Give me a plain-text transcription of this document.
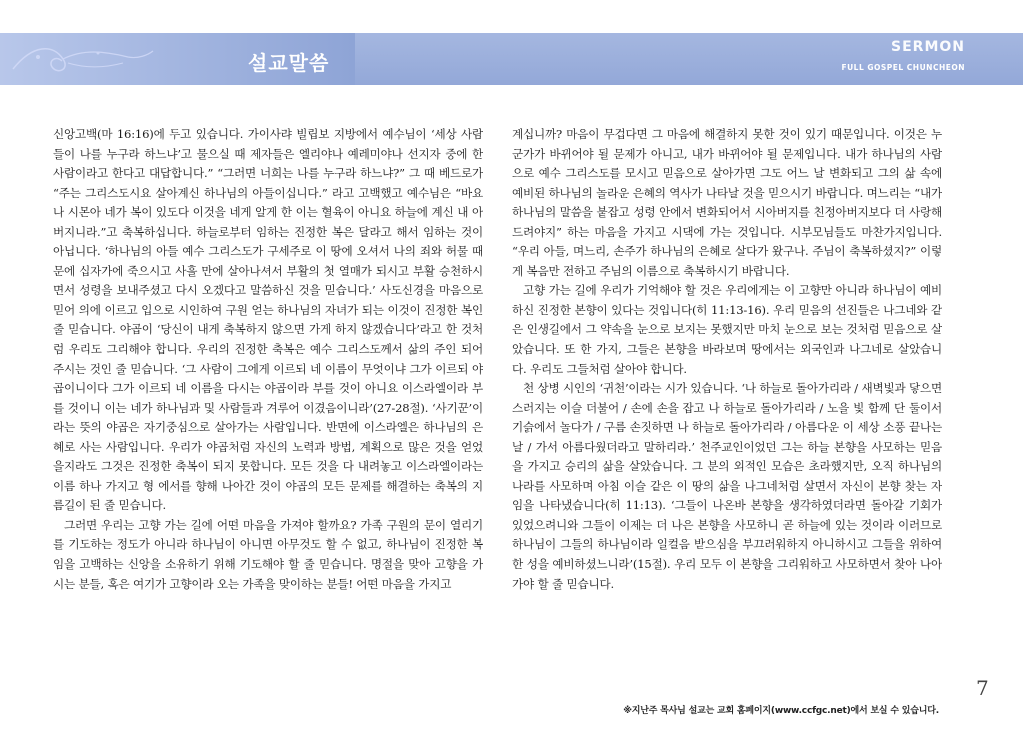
설교말씀
SERMON
FULL GOSPEL CHUNCHEON

신앙고백(마 16:16)에 두고 있습니다. 가이사랴 빌립보 지방에서 예수님이 ‘세상 사람들이 나를 누구라 하느냐’고 물으실 때 제자들은 엘리야나 예레미야나 선지자 중에 한 사람이라고 한다고 대답합니다.” “그러면 너희는 나를 누구라 하느냐?” 그 때 베드로가 “주는 그리스도시요 살아계신 하나님의 아들이십니다.” 라고 고백했고 예수님은 “바요나 시몬아 네가 복이 있도다 이것을 네게 알게 한 이는 혈육이 아니요 하늘에 계신 내 아버지니라.”고 축복하십니다. 하늘로부터 임하는 진정한 복은 달라고 해서 임하는 것이 아닙니다. ‘하나님의 아들 예수 그리스도가 구세주로 이 땅에 오셔서 나의 죄와 허물 때문에 십자가에 죽으시고 사흘 만에 살아나셔서 부활의 첫 열매가 되시고 부활 승천하시면서 성령을 보내주셨고 다시 오겠다고 말씀하신 것을 믿습니다.’ 사도신경을 마음으로 믿어 의에 이르고 입으로 시인하여 구원 얻는 하나님의 자녀가 되는 이것이 진정한 복인 줄 믿습니다. 야곱이 ‘당신이 내게 축복하지 않으면 가게 하지 않겠습니다’라고 한 것처럼 우리도 그리해야 합니다. 우리의 진정한 축복은 예수 그리스도께서 삶의 주인 되어 주시는 것인 줄 믿습니다. ‘그 사람이 그에게 이르되 네 이름이 무엇이냐 그가 이르되 야곱이니이다 그가 이르되 네 이름을 다시는 야곱이라 부를 것이 아니요 이스라엘이라 부를 것이니 이는 네가 하나님과 및 사람들과 겨루어 이겼음이니라’(27-28절). ‘사기꾼’이라는 뜻의 야곱은 자기중심으로 살아가는 사람입니다. 반면에 이스라엘은 하나님의 은혜로 사는 사람입니다. 우리가 야곱처럼 자신의 노력과 방법, 계획으로 많은 것을 얻었을지라도 그것은 진정한 축복이 되지 못합니다. 모든 것을 다 내려놓고 이스라엘이라는 이름 하나 가지고 형 에서를 향해 나아간 것이 야곱의 모든 문제를 해결하는 축복의 지름길이 된 줄 믿습니다.

그러면 우리는 고향 가는 길에 어떤 마음을 가져야 할까요? 가족 구원의 문이 열리기를 기도하는 정도가 아니라 하나님이 아니면 아무것도 할 수 없고, 하나님이 진정한 복임을 고백하는 신앙을 소유하기 위해 기도해야 할 줄 믿습니다. 명절을 맞아 고향을 가시는 분들, 혹은 여기가 고향이라 오는 가족을 맞이하는 분들! 어떤 마음을 가지고

계십니까? 마음이 무겁다면 그 마음에 해결하지 못한 것이 있기 때문입니다. 이것은 누군가가 바뀌어야 될 문제가 아니고, 내가 바뀌어야 될 문제입니다. 내가 하나님의 사람으로 예수 그리스도를 모시고 믿음으로 살아가면 그도 어느 날 변화되고 그의 삶 속에 예비된 하나님의 놀라운 은혜의 역사가 나타날 것을 믿으시기 바랍니다. 며느리는 “내가 하나님의 말씀을 붙잡고 성령 안에서 변화되어서 시아버지를 친정아버지보다 더 사랑해드려야지” 하는 마음을 가지고 시댁에 가는 것입니다. 시부모님들도 마찬가지입니다. “우리 아들, 며느리, 손주가 하나님의 은혜로 살다가 왔구나. 주님이 축복하셨지?” 이렇게 복음만 전하고 주님의 이름으로 축복하시기 바랍니다.

고향 가는 길에 우리가 기억해야 할 것은 우리에게는 이 고향만 아니라 하나님이 예비하신 진정한 본향이 있다는 것입니다(히 11:13-16). 우리 믿음의 선진들은 나그네와 같은 인생길에서 그 약속을 눈으로 보지는 못했지만 마치 눈으로 보는 것처럼 믿음으로 살았습니다. 또 한 가지, 그들은 본향을 바라보며 땅에서는 외국인과 나그네로 살았습니다. 우리도 그들처럼 살아야 합니다.

천 상병 시인의 ‘귀천’이라는 시가 있습니다. ‘나 하늘로 돌아가리라 / 새벽빛과 닿으면 스러지는 이슬 더불어 / 손에 손을 잡고 나 하늘로 돌아가리라 / 노을 빛 함께 단 둘이서 기슭에서 놀다가 / 구름 손짓하면 나 하늘로 돌아가리라 / 아름다운 이 세상 소풍 끝나는 날 / 가서 아름다웠더라고 말하리라.’ 천주교인이었던 그는 하늘 본향을 사모하는 믿음을 가지고 승리의 삶을 살았습니다. 그 분의 외적인 모습은 초라했지만, 오직 하나님의 나라를 사모하며 아침 이슬 같은 이 땅의 삶을 나그네처럼 살면서 자신이 본향 찾는 자임을 나타냈습니다(히 11:13). ‘그들이 나온바 본향을 생각하였더라면 돌아갈 기회가 있었으려니와 그들이 이제는 더 나은 본향을 사모하니 곧 하늘에 있는 것이라 이러므로 하나님이 그들의 하나님이라 일컬음 받으심을 부끄러워하지 아니하시고 그들을 위하여 한 성을 예비하셨느니라’(15절). 우리 모두 이 본향을 그리워하고 사모하면서 찾아 나아가야 할 줄 믿습니다.

7
※지난주 목사님 설교는 교회 홈페이지(www.ccfgc.net)에서 보실 수 있습니다.
